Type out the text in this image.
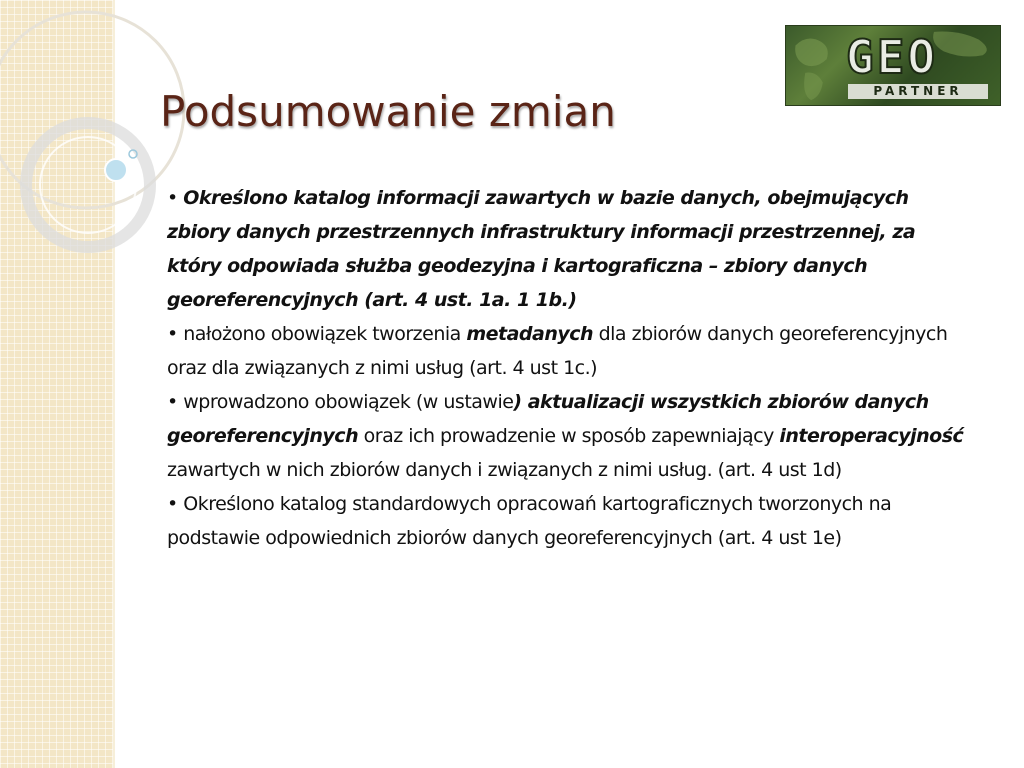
GEO
PARTNER
Podsumowanie zmian

• Określono katalog informacji zawartych w bazie danych, obejmujących zbiory danych przestrzennych infrastruktury informacji przestrzennej, za który odpowiada służba geodezyjna i kartograficzna – zbiory danych georeferencyjnych (art. 4 ust. 1a. 1 1b.)

• nałożono obowiązek tworzenia metadanych dla zbiorów danych georeferencyjnych oraz dla związanych z nimi usług (art. 4 ust 1c.)

• wprowadzono obowiązek (w ustawie) aktualizacji wszystkich zbiorów danych georeferencyjnych oraz ich prowadzenie w sposób zapewniający interoperacyjność zawartych w nich zbiorów danych i związanych z nimi usług. (art. 4 ust 1d)

• Określono katalog standardowych opracowań kartograficznych tworzonych na podstawie odpowiednich zbiorów danych georeferencyjnych (art. 4 ust 1e)
